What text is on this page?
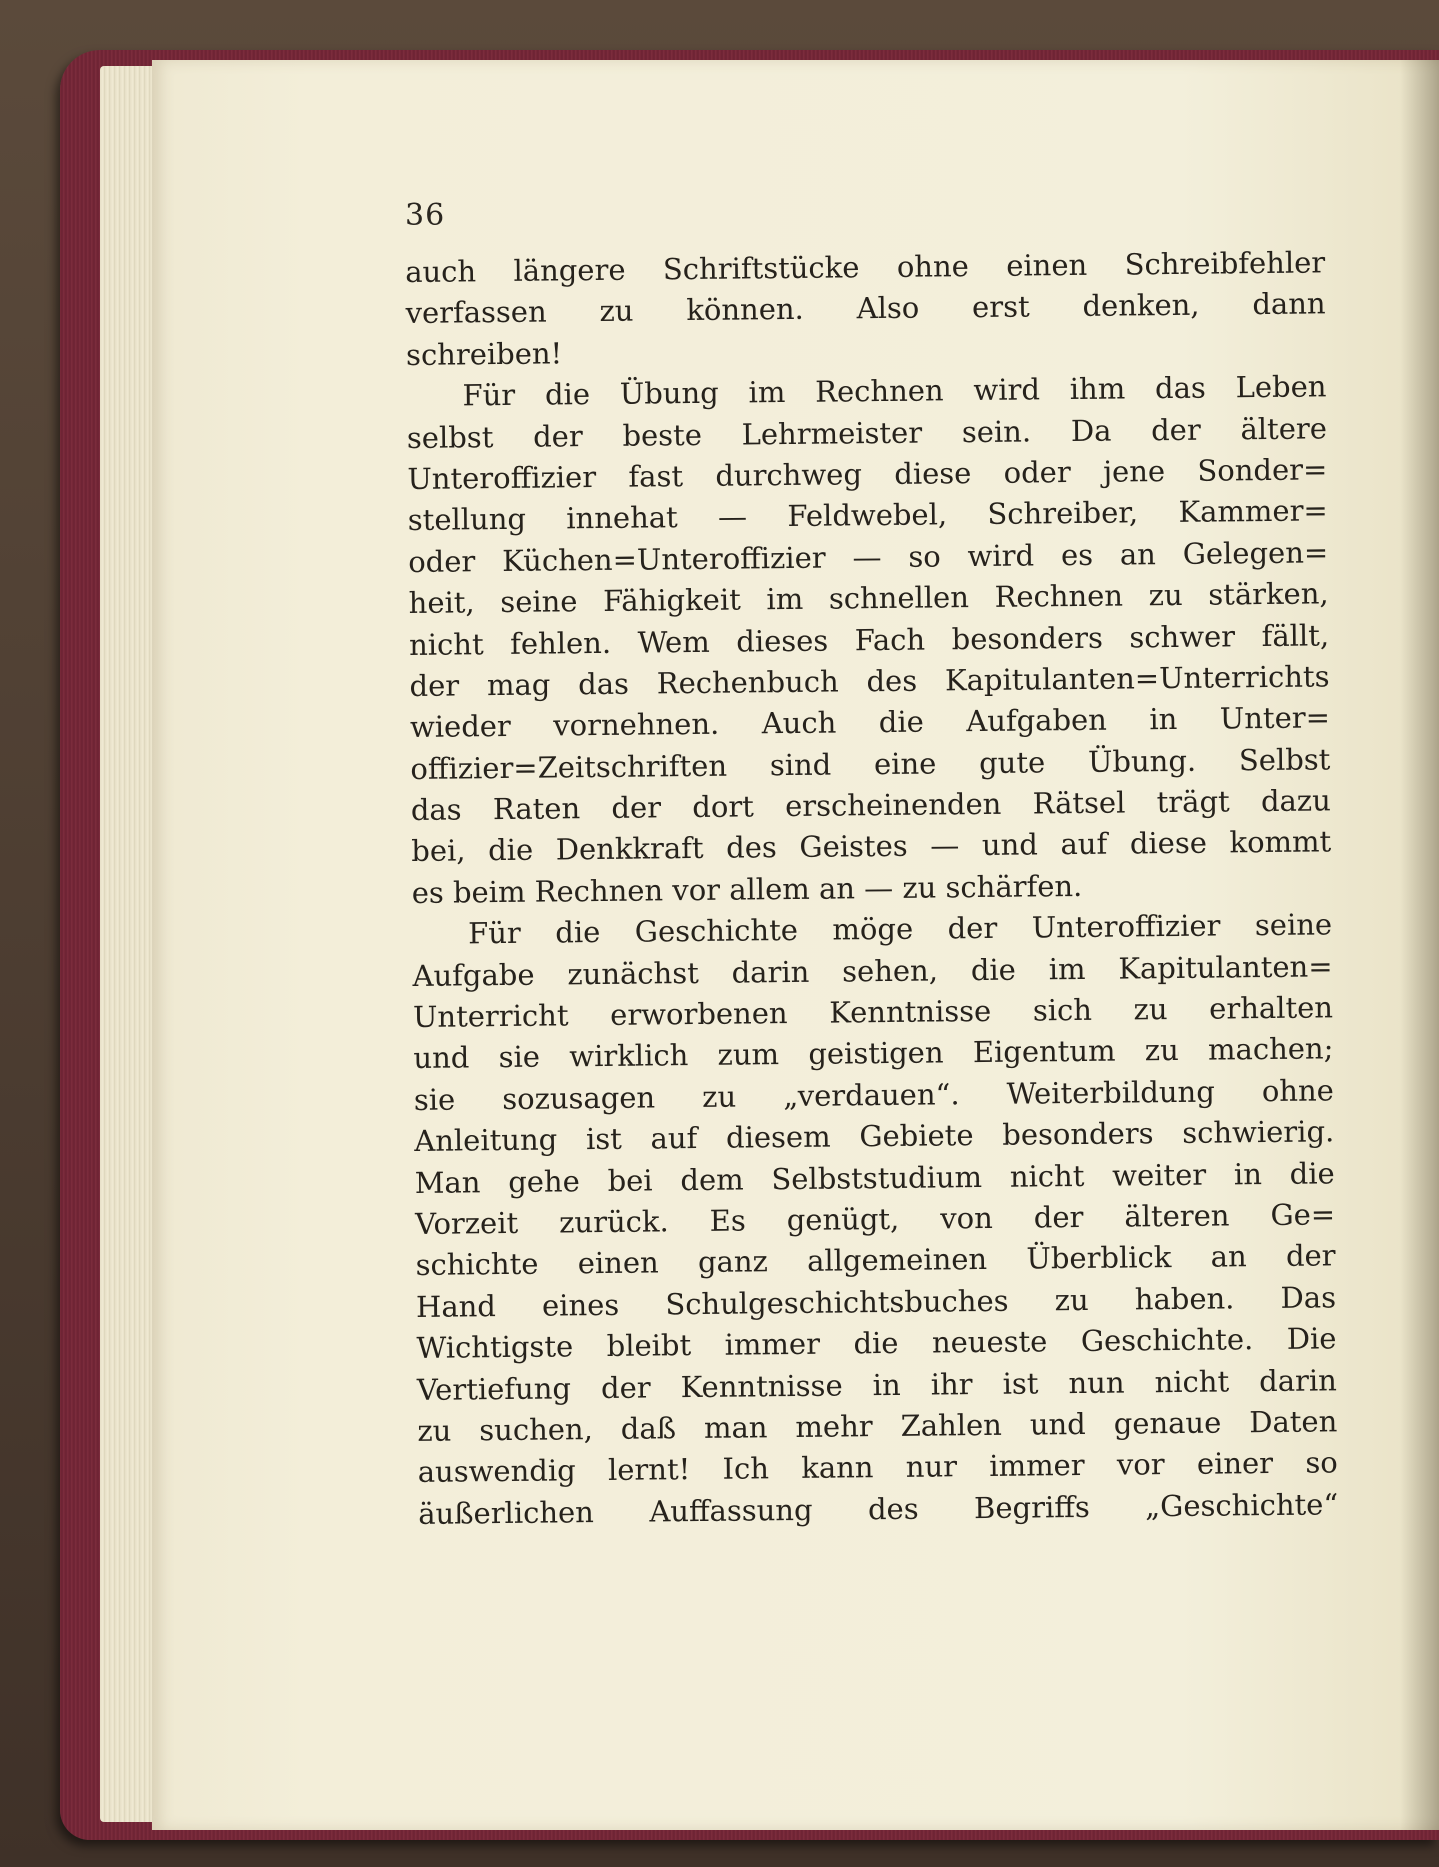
36
auch längere Schriftstücke ohne einen Schreibfehler
verfassen zu können. Also erst denken, dann
schreiben!
Für die Übung im Rechnen wird ihm das Leben
selbst der beste Lehrmeister sein. Da der ältere
Unteroffizier fast durchweg diese oder jene Sonder=
stellung innehat — Feldwebel, Schreiber, Kammer=
oder Küchen=Unteroffizier — so wird es an Gelegen=
heit, seine Fähigkeit im schnellen Rechnen zu stärken,
nicht fehlen. Wem dieses Fach besonders schwer fällt,
der mag das Rechenbuch des Kapitulanten=Unterrichts
wieder vornehnen. Auch die Aufgaben in Unter=
offizier=Zeitschriften sind eine gute Übung. Selbst
das Raten der dort erscheinenden Rätsel trägt dazu
bei, die Denkkraft des Geistes — und auf diese kommt
es beim Rechnen vor allem an — zu schärfen.
Für die Geschichte möge der Unteroffizier seine
Aufgabe zunächst darin sehen, die im Kapitulanten=
Unterricht erworbenen Kenntnisse sich zu erhalten
und sie wirklich zum geistigen Eigentum zu machen;
sie sozusagen zu „verdauen“. Weiterbildung ohne
Anleitung ist auf diesem Gebiete besonders schwierig.
Man gehe bei dem Selbststudium nicht weiter in die
Vorzeit zurück. Es genügt, von der älteren Ge=
schichte einen ganz allgemeinen Überblick an der
Hand eines Schulgeschichtsbuches zu haben. Das
Wichtigste bleibt immer die neueste Geschichte. Die
Vertiefung der Kenntnisse in ihr ist nun nicht darin
zu suchen, daß man mehr Zahlen und genaue Daten
auswendig lernt! Ich kann nur immer vor einer so
äußerlichen Auffassung des Begriffs „Geschichte“
